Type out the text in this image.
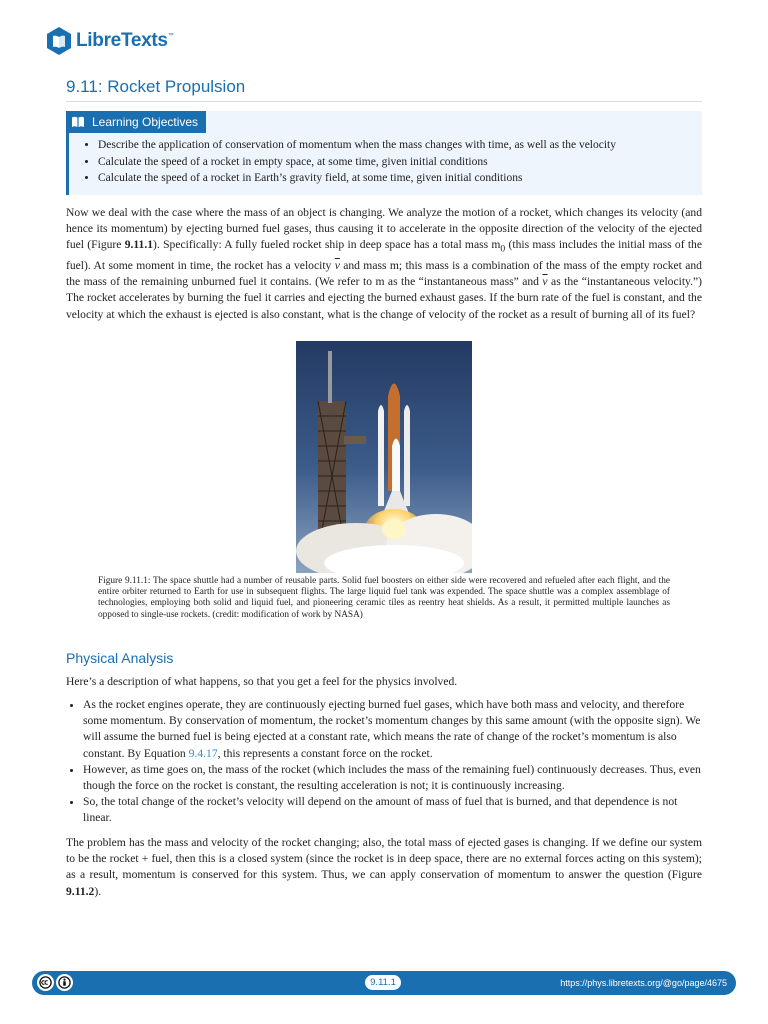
LibreTexts™
9.11: Rocket Propulsion
Learning Objectives
• Describe the application of conservation of momentum when the mass changes with time, as well as the velocity
• Calculate the speed of a rocket in empty space, at some time, given initial conditions
• Calculate the speed of a rocket in Earth’s gravity field, at some time, given initial conditions

Now we deal with the case where the mass of an object is changing. We analyze the motion of a rocket, which changes its velocity (and hence its momentum) by ejecting burned fuel gases, thus causing it to accelerate in the opposite direction of the velocity of the ejected fuel (Figure 9.11.1). Specifically: A fully fueled rocket ship in deep space has a total mass $m_0$ (this mass includes the initial mass of the fuel). At some moment in time, the rocket has a velocity $\overline{v}$ and mass m; this mass is a combination of the mass of the empty rocket and the mass of the remaining unburned fuel it contains. (We refer to m as the “instantaneous mass” and $\overline{v}$ as the “instantaneous velocity.”) The rocket accelerates by burning the fuel it carries and ejecting the burned exhaust gases. If the burn rate of the fuel is constant, and the velocity at which the exhaust is ejected is also constant, what is the change of velocity of the rocket as a result of burning all of its fuel?

Figure 9.11.1: The space shuttle had a number of reusable parts. Solid fuel boosters on either side were recovered and refueled after each flight, and the entire orbiter returned to Earth for use in subsequent flights. The large liquid fuel tank was expended. The space shuttle was a complex assemblage of technologies, employing both solid and liquid fuel, and pioneering ceramic tiles as reentry heat shields. As a result, it permitted multiple launches as opposed to single-use rockets. (credit: modification of work by NASA)

Physical Analysis

Here’s a description of what happens, so that you get a feel for the physics involved.

• As the rocket engines operate, they are continuously ejecting burned fuel gases, which have both mass and velocity, and therefore some momentum. By conservation of momentum, the rocket’s momentum changes by this same amount (with the opposite sign). We will assume the burned fuel is being ejected at a constant rate, which means the rate of change of the rocket’s momentum is also constant. By Equation 9.4.17, this represents a constant force on the rocket.
• However, as time goes on, the mass of the rocket (which includes the mass of the remaining fuel) continuously decreases. Thus, even though the force on the rocket is constant, the resulting acceleration is not; it is continuously increasing.
• So, the total change of the rocket’s velocity will depend on the amount of mass of fuel that is burned, and that dependence is not linear.

The problem has the mass and velocity of the rocket changing; also, the total mass of ejected gases is changing. If we define our system to be the rocket + fuel, then this is a closed system (since the rocket is in deep space, there are no external forces acting on this system); as a result, momentum is conserved for this system. Thus, we can apply conservation of momentum to answer the question (Figure 9.11.2).

9.11.1	https://phys.libretexts.org/@go/page/4675
